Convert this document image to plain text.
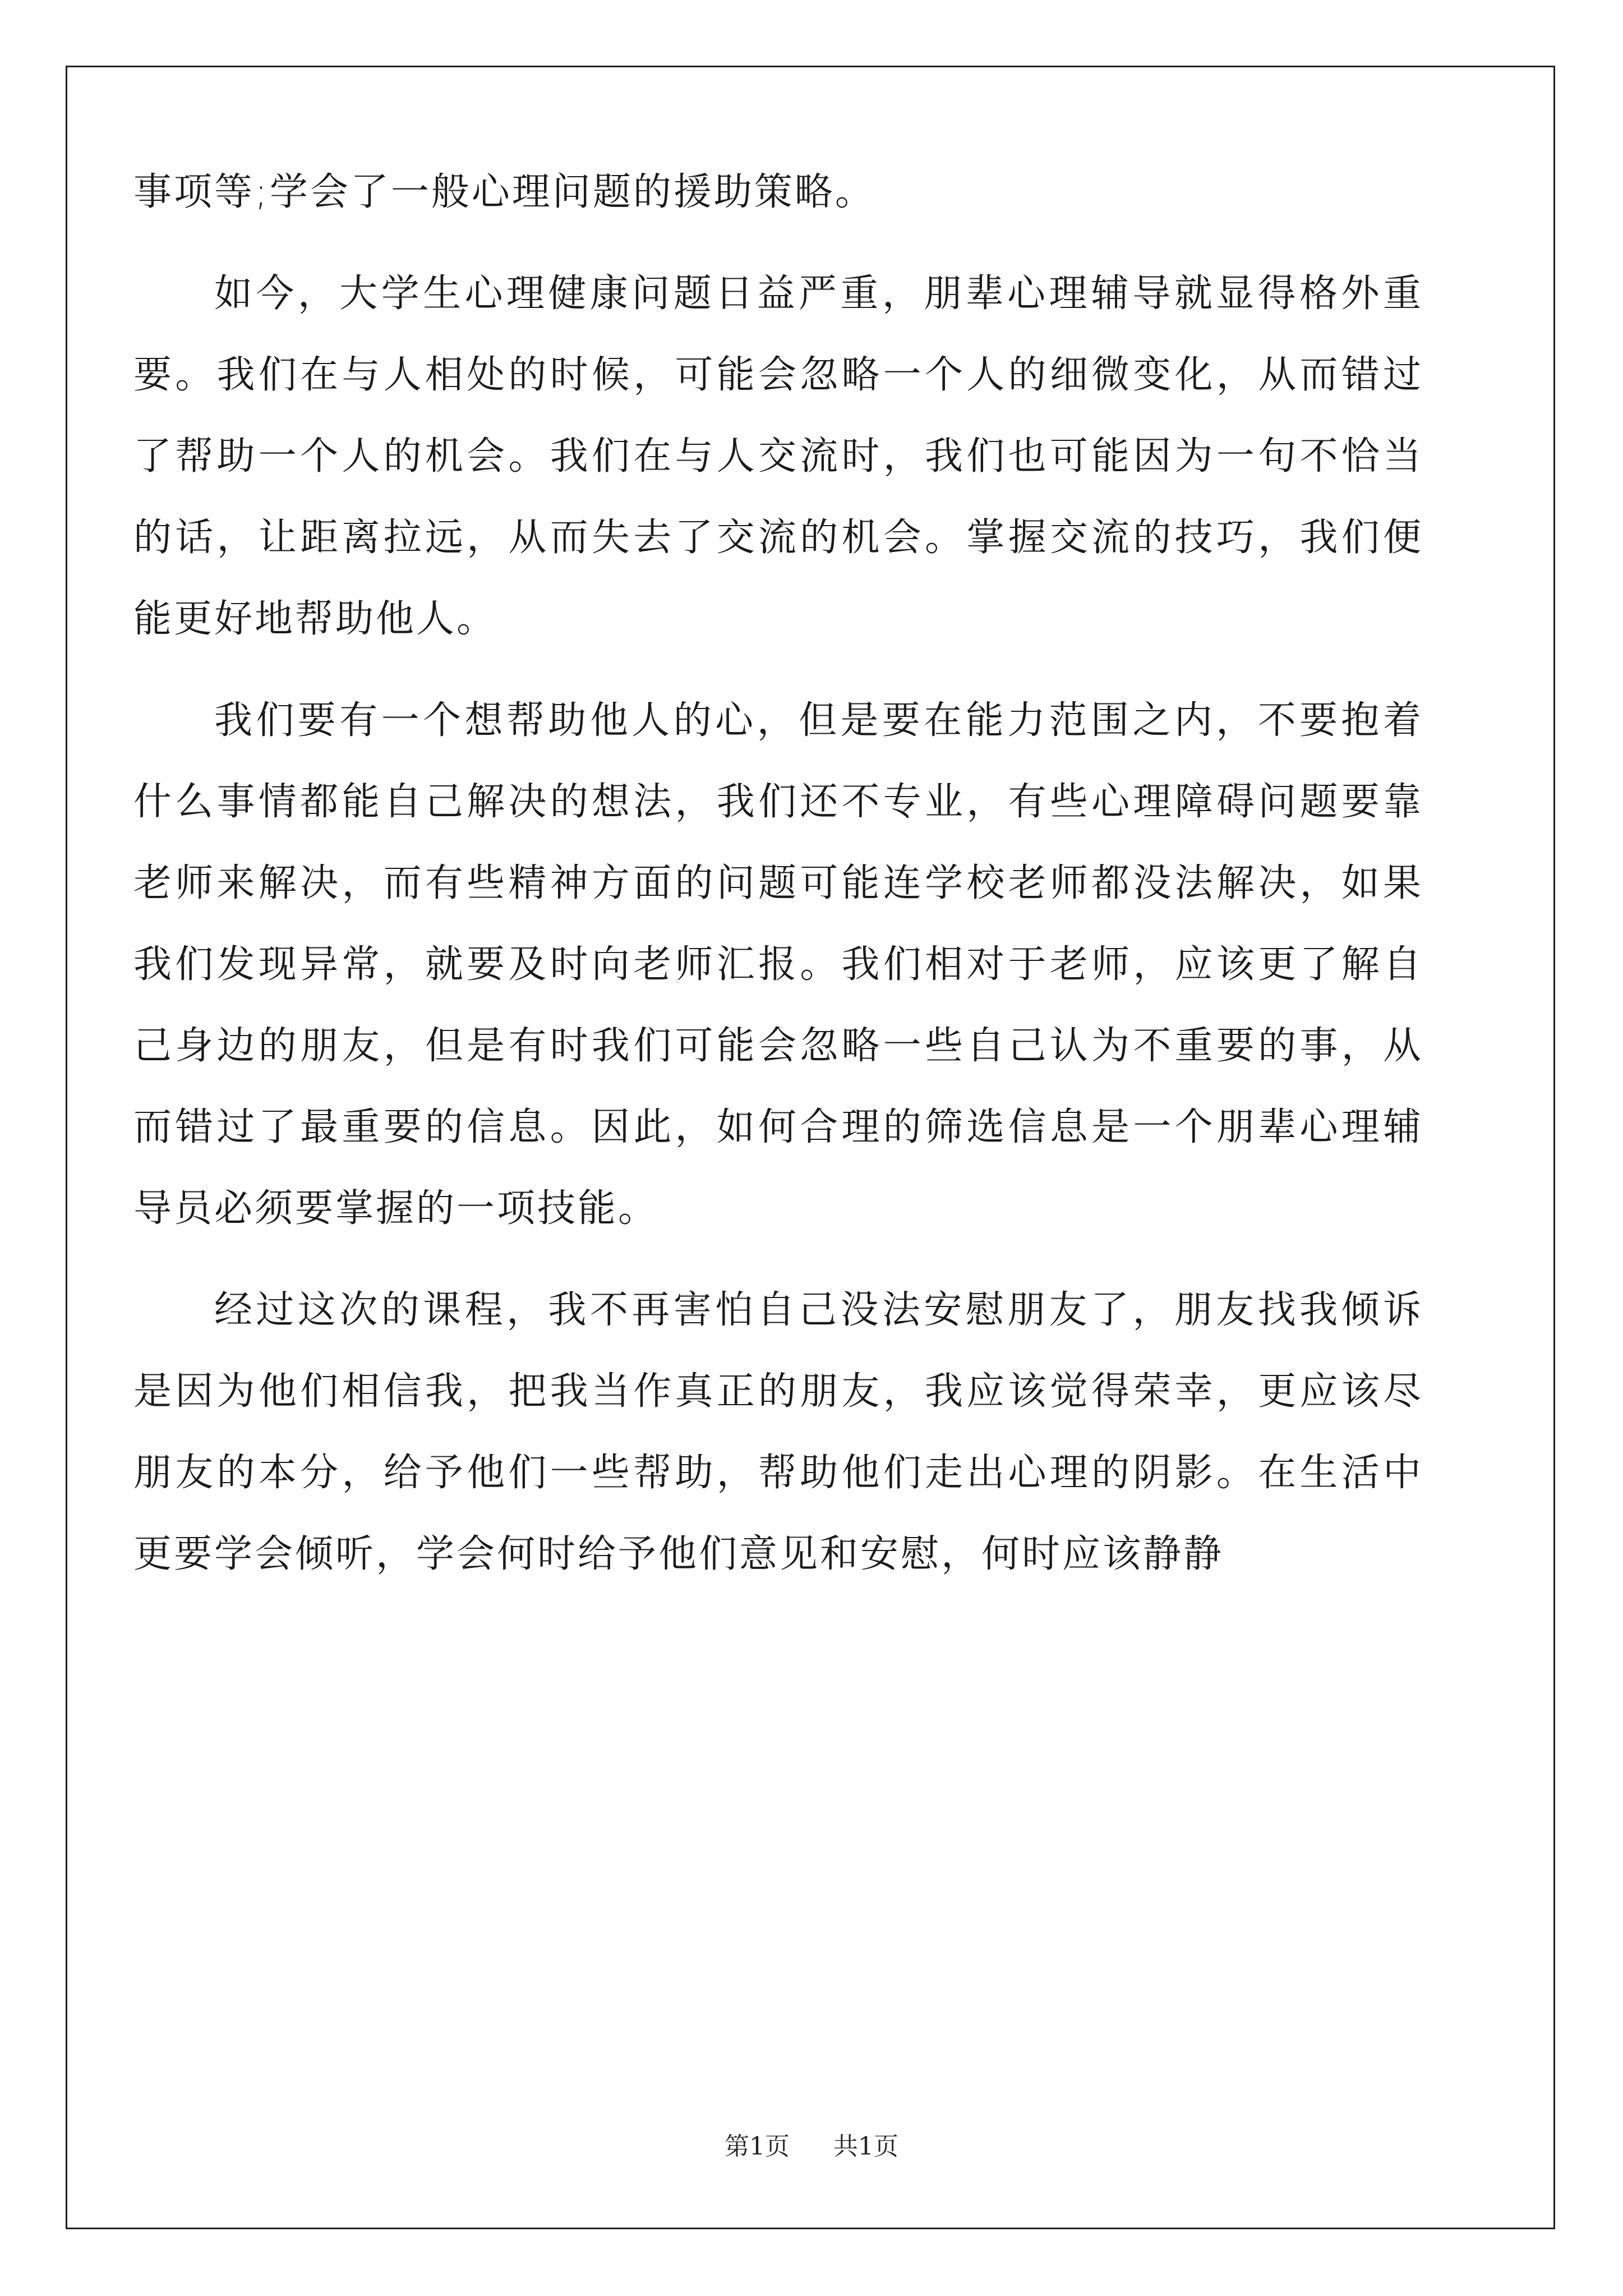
事项等;学会了一般心理问题的援助策略。

如今，大学生心理健康问题日益严重，朋辈心理辅导就显得格外重要。我们在与人相处的时候，可能会忽略一个人的细微变化，从而错过了帮助一个人的机会。我们在与人交流时，我们也可能因为一句不恰当的话，让距离拉远，从而失去了交流的机会。掌握交流的技巧，我们便能更好地帮助他人。

我们要有一个想帮助他人的心，但是要在能力范围之内，不要抱着什么事情都能自己解决的想法，我们还不专业，有些心理障碍问题要靠老师来解决，而有些精神方面的问题可能连学校老师都没法解决，如果我们发现异常，就要及时向老师汇报。我们相对于老师，应该更了解自己身边的朋友，但是有时我们可能会忽略一些自己认为不重要的事，从而错过了最重要的信息。因此，如何合理的筛选信息是一个朋辈心理辅导员必须要掌握的一项技能。

经过这次的课程，我不再害怕自己没法安慰朋友了，朋友找我倾诉是因为他们相信我，把我当作真正的朋友，我应该觉得荣幸，更应该尽朋友的本分，给予他们一些帮助，帮助他们走出心理的阴影。在生活中更要学会倾听，学会何时给予他们意见和安慰，何时应该静静

第1页 共1页
